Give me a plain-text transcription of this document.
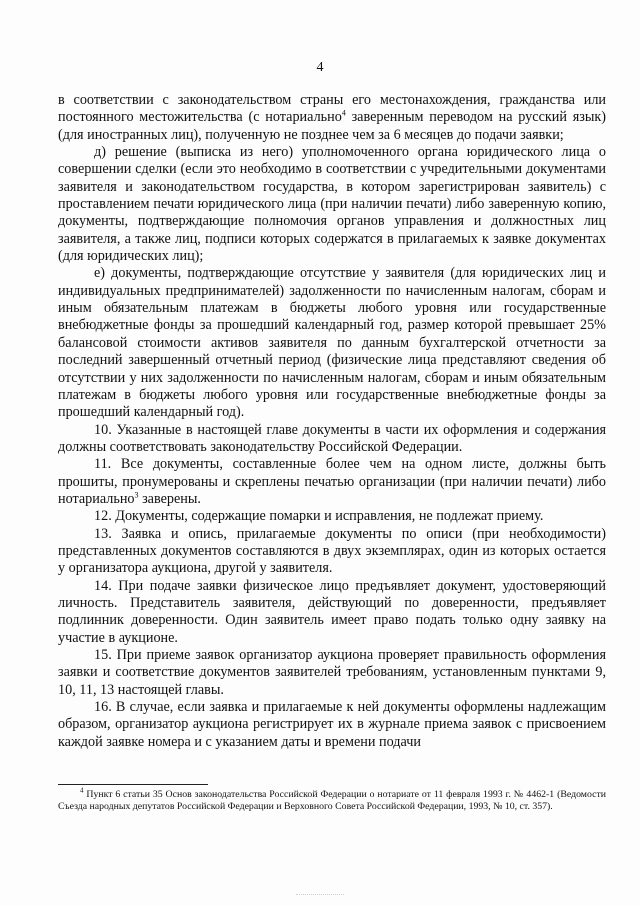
4

в соответствии с законодательством страны его местонахождения, гражданства или постоянного местожительства (с нотариально$^4$ заверенным переводом на русский язык) (для иностранных лиц), полученную не позднее чем за 6 месяцев до подачи заявки;

д) решение (выписка из него) уполномоченного органа юридического лица о совершении сделки (если это необходимо в соответствии с учредительными документами заявителя и законодательством государства, в котором зарегистрирован заявитель) с проставлением печати юридического лица (при наличии печати) либо заверенную копию, документы, подтверждающие полномочия органов управления и должностных лиц заявителя, а также лиц, подписи которых содержатся в прилагаемых к заявке документах (для юридических лиц);

е) документы, подтверждающие отсутствие у заявителя (для юридических лиц и индивидуальных предпринимателей) задолженности по начисленным налогам, сборам и иным обязательным платежам в бюджеты любого уровня или государственные внебюджетные фонды за прошедший календарный год, размер которой превышает 25% балансовой стоимости активов заявителя по данным бухгалтерской отчетности за последний завершенный отчетный период (физические лица представляют сведения об отсутствии у них задолженности по начисленным налогам, сборам и иным обязательным платежам в бюджеты любого уровня или государственные внебюджетные фонды за прошедший календарный год).

10. Указанные в настоящей главе документы в части их оформления и содержания должны соответствовать законодательству Российской Федерации.

11. Все документы, составленные более чем на одном листе, должны быть прошиты, пронумерованы и скреплены печатью организации (при наличии печати) либо нотариально$^3$ заверены.

12. Документы, содержащие помарки и исправления, не подлежат приему.

13. Заявка и опись, прилагаемые документы по описи (при необходимости) представленных документов составляются в двух экземплярах, один из которых остается у организатора аукциона, другой у заявителя.

14. При подаче заявки физическое лицо предъявляет документ, удостоверяющий личность. Представитель заявителя, действующий по доверенности, предъявляет подлинник доверенности. Один заявитель имеет право подать только одну заявку на участие в аукционе.

15. При приеме заявок организатор аукциона проверяет правильность оформления заявки и соответствие документов заявителей требованиям, установленным пунктами 9, 10, 11, 13 настоящей главы.

16. В случае, если заявка и прилагаемые к ней документы оформлены надлежащим образом, организатор аукциона регистрирует их в журнале приема заявок с присвоением каждой заявке номера и с указанием даты и времени подачи

$^4$ Пункт 6 статьи 35 Основ законодательства Российской Федерации о нотариате от 11 февраля 1993 г. № 4462-1 (Ведомости Съезда народных депутатов Российской Федерации и Верховного Совета Российской Федерации, 1993, № 10, ст. 357).
